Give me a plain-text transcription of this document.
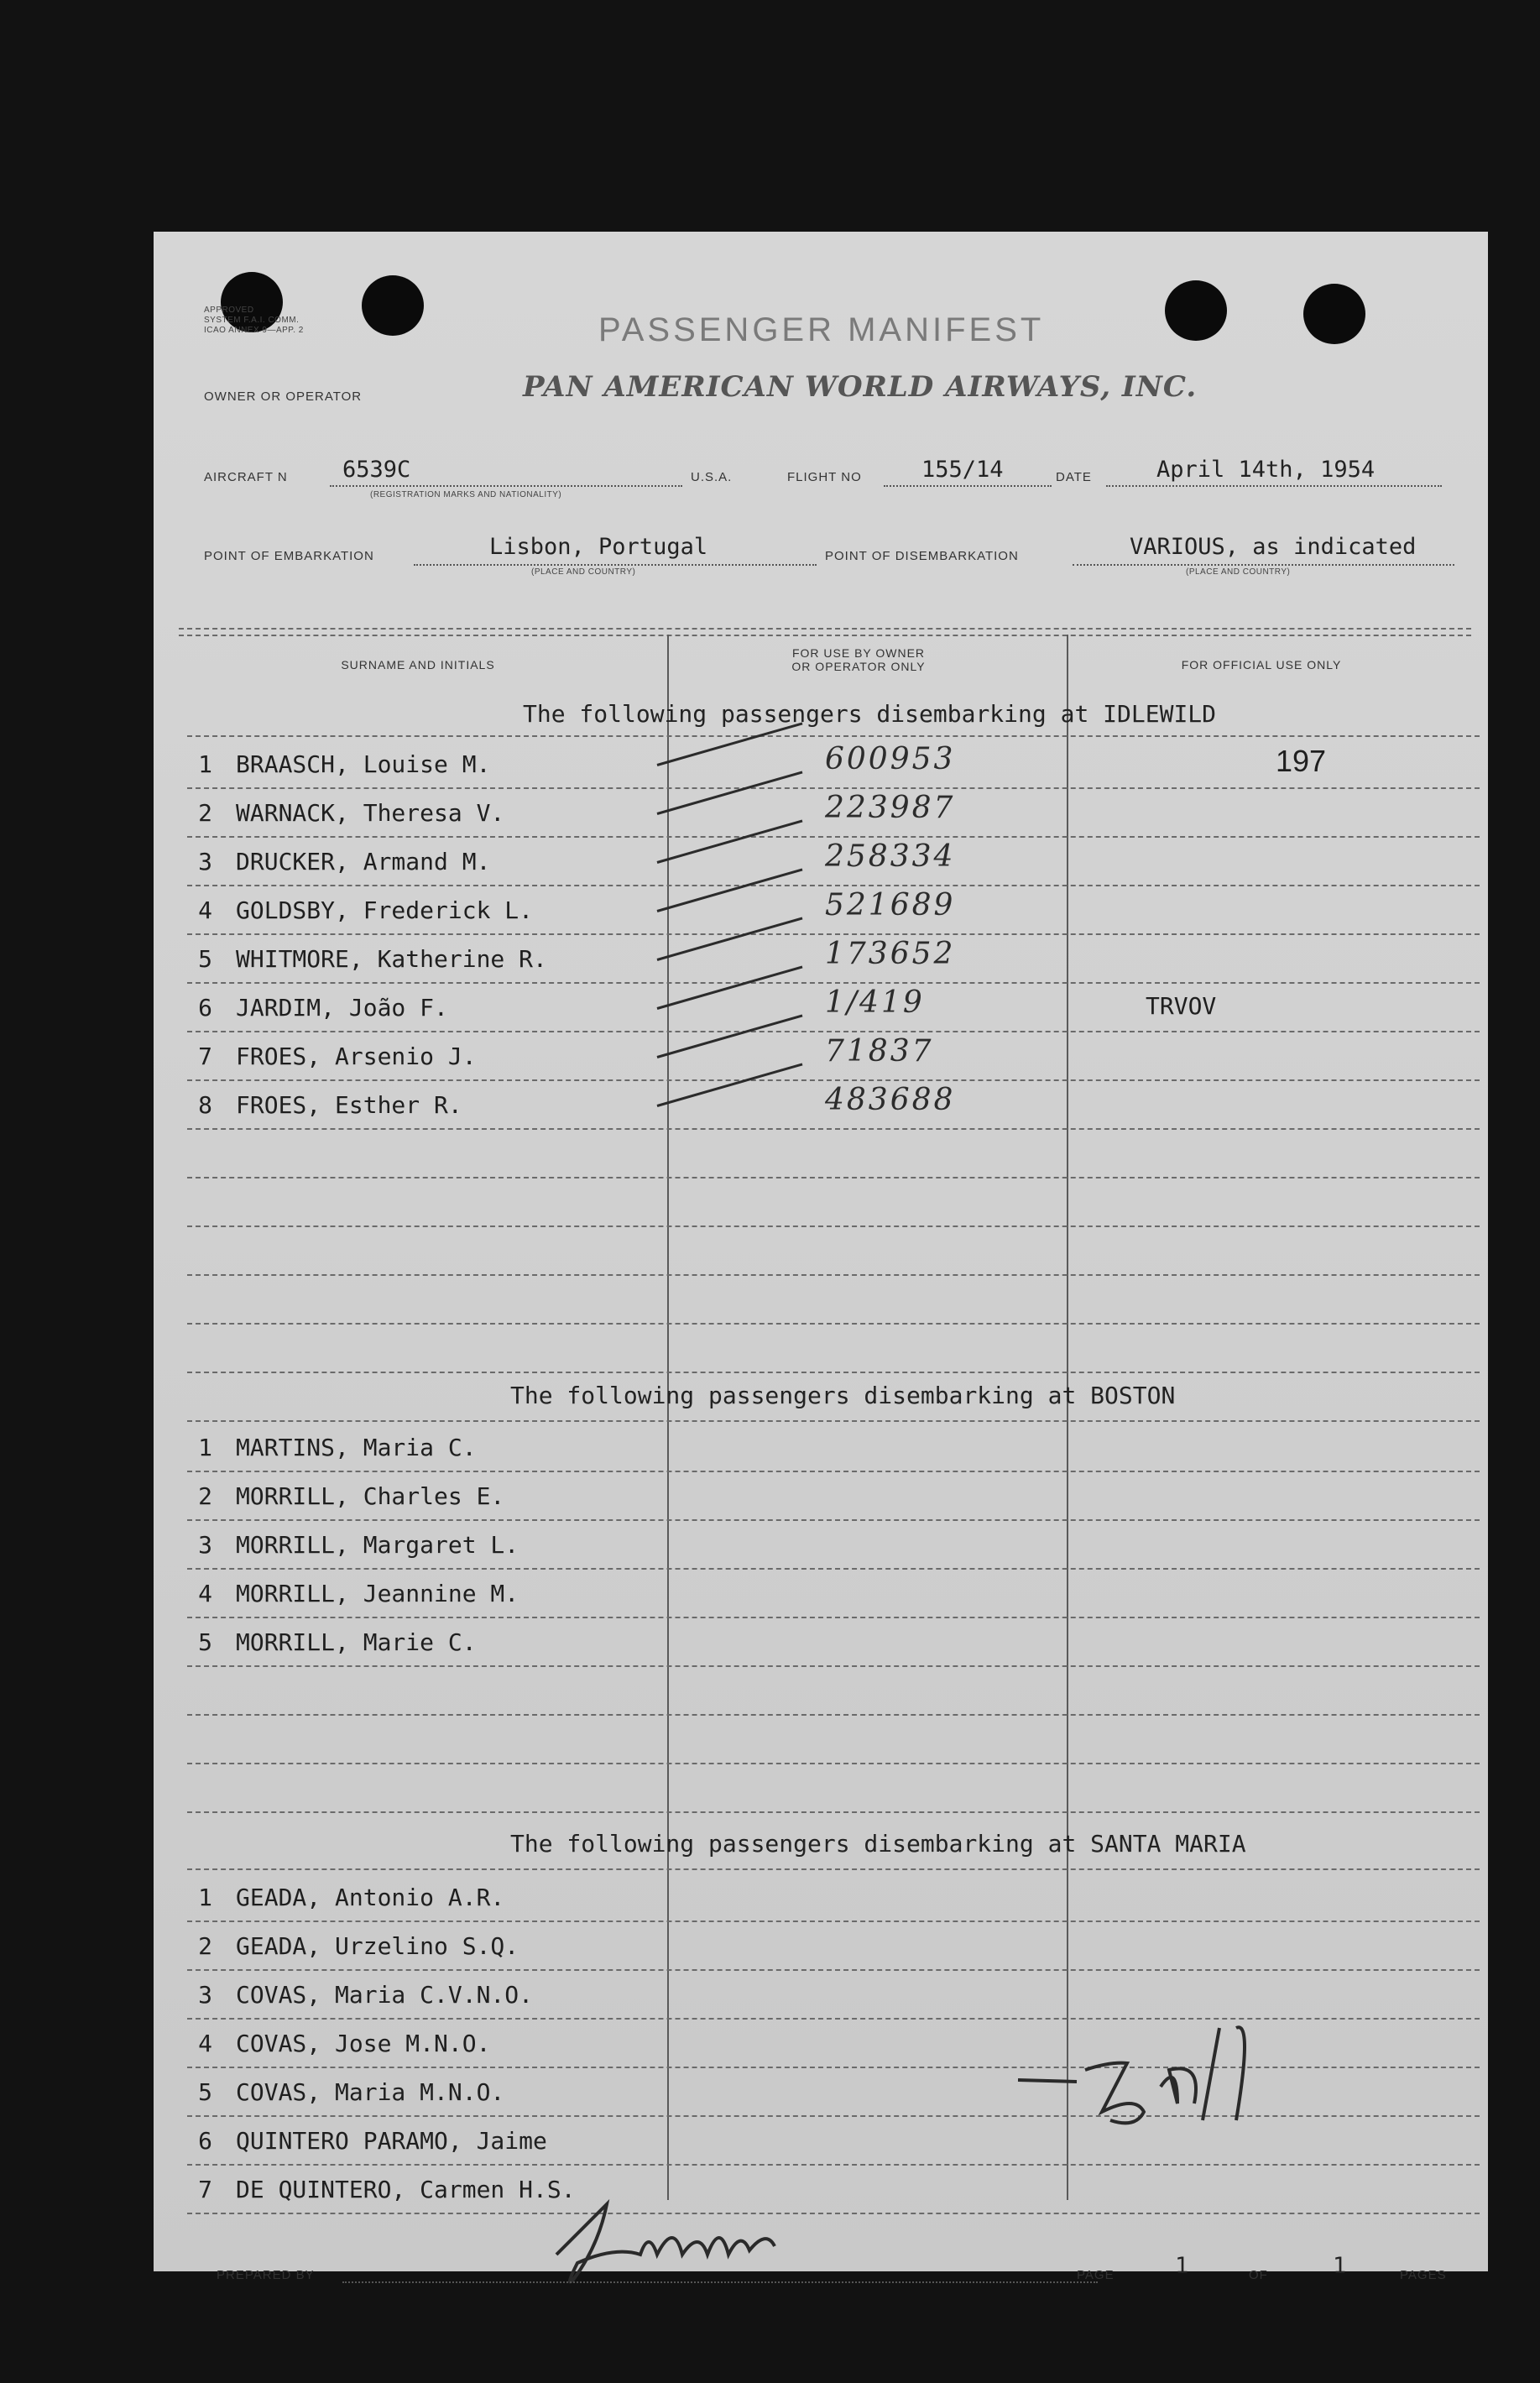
APPROVED
SYSTEM F.A.I. COMM.
ICAO ANNEX 9—APP. 2	PASSENGER MANIFEST
OWNER OR OPERATOR	PAN AMERICAN WORLD AIRWAYS, INC.
AIRCRAFT N 6539C
(REGISTRATION MARKS AND NATIONALITY)
U.S.A.	FLIGHT NO	155/14	DATE	April 14th, 1954
POINT OF EMBARKATION	Lisbon, Portugal
(PLACE AND COUNTRY)
POINT OF DISEMBARKATION	VARIOUS, as indicated
(PLACE AND COUNTRY)
SURNAME AND INITIALS
FOR USE BY OWNER
OR OPERATOR ONLY	FOR OFFICIAL USE ONLY
The following passengers disembarking at IDLEWILD
1 BRAASCH, Louise M.	600953	197
2 WARNACK, Theresa V.	223987
3 DRUCKER, Armand M.	258334
4 GOLDSBY, Frederick L.	521689
5 WHITMORE, Katherine R.	173652
6 JARDIM, João F.	1/419	TRVOV
7 FROES, Arsenio J.	71837
8 FROES, Esther R.	483688
The following passengers disembarking at BOSTON
1 MARTINS, Maria C.
2 MORRILL, Charles E.
3 MORRILL, Margaret L.
4 MORRILL, Jeannine M.
5 MORRILL, Marie C.
The following passengers disembarking at SANTA MARIA
1 GEADA, Antonio A.R.
2 GEADA, Urzelino S.Q.
3 COVAS, Maria C.V.N.O.
4 COVAS, Jose M.N.O.
5 COVAS, Maria M.N.O.
6 QUINTERO PARAMO, Jaime
7 DE QUINTERO, Carmen H.S.
PREPARED BY	PAGE	1	OF	1	PAGES
